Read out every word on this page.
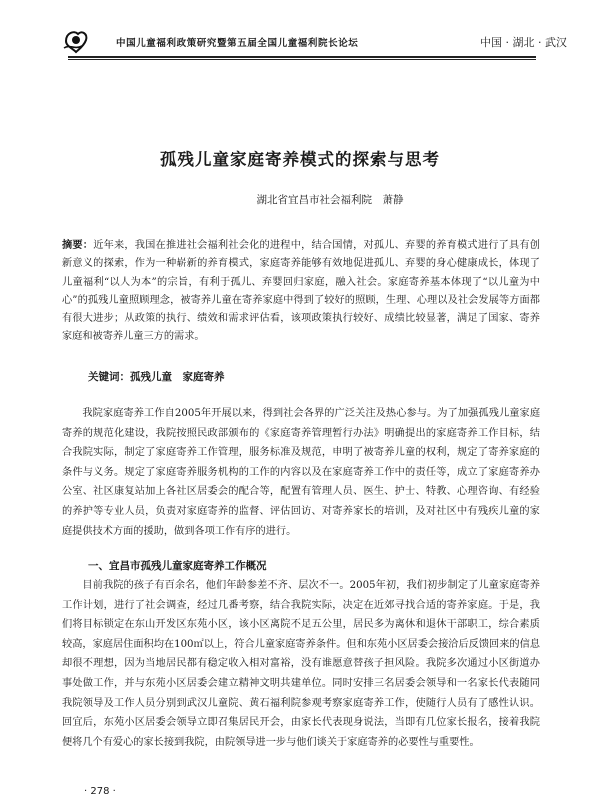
中国儿童福利政策研究暨第五届全国儿童福利院长论坛	中国 · 湖北 · 武汉
孤残儿童家庭寄养模式的探索与思考
湖北省宜昌市社会福利院　萧静

摘要：近年来，我国在推进社会福利社会化的进程中，结合国情，对孤儿、弃婴的养育模式进行了具有创新意义的探索，作为一种崭新的养育模式，家庭寄养能够有效地促进孤儿、弃婴的身心健康成长，体现了儿童福利“以人为本”的宗旨，有利于孤儿、弃婴回归家庭，融入社会。家庭寄养基本体现了“以儿童为中心”的孤残儿童照顾理念，被寄养儿童在寄养家庭中得到了较好的照顾，生理、心理以及社会发展等方面都有很大进步；从政策的执行、绩效和需求评估看，该项政策执行较好、成绩比较显著，满足了国家、寄养家庭和被寄养儿童三方的需求。

关键词：孤残儿童　家庭寄养

我院家庭寄养工作自2005年开展以来，得到社会各界的广泛关注及热心参与。为了加强孤残儿童家庭寄养的规范化建设，我院按照民政部颁布的《家庭寄养管理暂行办法》明确提出的家庭寄养工作目标，结合我院实际，制定了家庭寄养工作管理，服务标准及规范，申明了被寄养儿童的权利，规定了寄养家庭的条件与义务。规定了家庭寄养服务机构的工作的内容以及在家庭寄养工作中的责任等，成立了家庭寄养办公室、社区康复站加上各社区居委会的配合等，配置有管理人员、医生、护士、特教、心理咨询、有经验的养护等专业人员，负责对家庭寄养的监督、评估回访、对寄养家长的培训，及对社区中有残疾儿童的家庭提供技术方面的援助，做到各项工作有序的进行。

一、宜昌市孤残儿童家庭寄养工作概况

目前我院的孩子有百余名，他们年龄参差不齐、层次不一。2005年初，我们初步制定了儿童家庭寄养工作计划，进行了社会调查，经过几番考察，结合我院实际，决定在近郊寻找合适的寄养家庭。于是，我们将目标锁定在东山开发区东苑小区，该小区离院不足五公里，居民多为离休和退休干部职工，综合素质较高，家庭居住面积均在100㎡以上，符合儿童家庭寄养条件。但和东苑小区居委会接洽后反馈回来的信息却很不理想，因为当地居民都有稳定收入相对富裕，没有谁愿意替孩子担风险。我院多次通过小区街道办事处做工作，并与东苑小区居委会建立精神文明共建单位。同时安排三名居委会领导和一名家长代表随同我院领导及工作人员分别到武汉儿童院、黄石福利院参观考察家庭寄养工作，使随行人员有了感性认识。回宜后，东苑小区居委会领导立即召集居民开会，由家长代表现身说法，当即有几位家长报名，接着我院便将几个有爱心的家长接到我院，由院领导进一步与他们谈关于家庭寄养的必要性与重要性。

· 278 ·
